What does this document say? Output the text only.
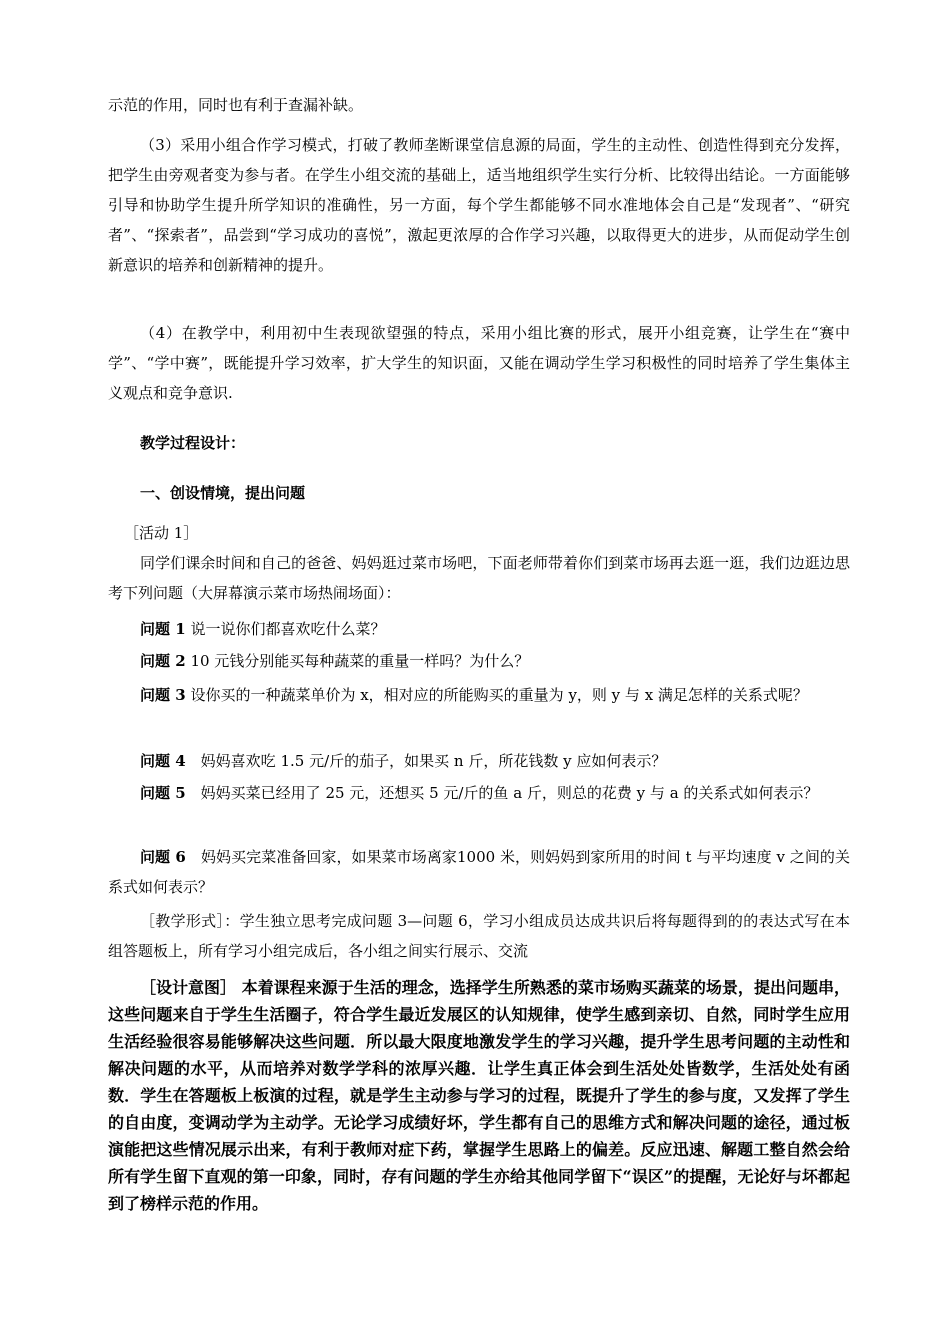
示范的作用，同时也有利于查漏补缺。

（3）采用小组合作学习模式，打破了教师垄断课堂信息源的局面，学生的主动性、创造性得到充分发挥，把学生由旁观者变为参与者。在学生小组交流的基础上，适当地组织学生实行分析、比较得出结论。一方面能够引导和协助学生提升所学知识的准确性，另一方面，每个学生都能够不同水准地体会自己是“发现者”、“研究者”、“探索者”，品尝到“学习成功的喜悦”，激起更浓厚的合作学习兴趣，以取得更大的进步，从而促动学生创新意识的培养和创新精神的提升。

（4）在教学中，利用初中生表现欲望强的特点，采用小组比赛的形式，展开小组竞赛，让学生在“赛中学”、“学中赛”，既能提升学习效率，扩大学生的知识面，又能在调动学生学习积极性的同时培养了学生集体主义观点和竞争意识.

教学过程设计：

一、创设情境，提出问题

［活动 1］

同学们课余时间和自己的爸爸、妈妈逛过菜市场吧，下面老师带着你们到菜市场再去逛一逛，我们边逛边思考下列问题（大屏幕演示菜市场热闹场面）：

问题 1 说一说你们都喜欢吃什么菜？

问题 2 10 元钱分别能买每种蔬菜的重量一样吗？为什么？

问题 3 设你买的一种蔬菜单价为 x，相对应的所能购买的重量为 y，则 y 与 x 满足怎样的关系式呢？

问题 4　妈妈喜欢吃 1.5 元/斤的茄子，如果买 n 斤，所花钱数 y 应如何表示？

问题 5　妈妈买菜已经用了 25 元，还想买 5 元/斤的鱼 a 斤，则总的花费 y 与 a 的关系式如何表示？

问题 6　妈妈买完菜准备回家，如果菜市场离家1000 米，则妈妈到家所用的时间 t 与平均速度 v 之间的关系式如何表示？

［教学形式］：学生独立思考完成问题 3—问题 6，学习小组成员达成共识后将每题得到的的表达式写在本组答题板上，所有学习小组完成后，各小组之间实行展示、交流

［设计意图］ 本着课程来源于生活的理念，选择学生所熟悉的菜市场购买蔬菜的场景，提出问题串，这些问题来自于学生生活圈子，符合学生最近发展区的认知规律，使学生感到亲切、自然，同时学生应用生活经验很容易能够解决这些问题．所以最大限度地激发学生的学习兴趣，提升学生思考问题的主动性和解决问题的水平，从而培养对数学学科的浓厚兴趣．让学生真正体会到生活处处皆数学，生活处处有函数．学生在答题板上板演的过程，就是学生主动参与学习的过程，既提升了学生的参与度，又发挥了学生的自由度，变调动学为主动学。无论学习成绩好坏，学生都有自己的思维方式和解决问题的途径，通过板演能把这些情况展示出来，有利于教师对症下药，掌握学生思路上的偏差。反应迅速、解题工整自然会给所有学生留下直观的第一印象，同时，存有问题的学生亦给其他同学留下“误区”的提醒，无论好与坏都起到了榜样示范的作用。
